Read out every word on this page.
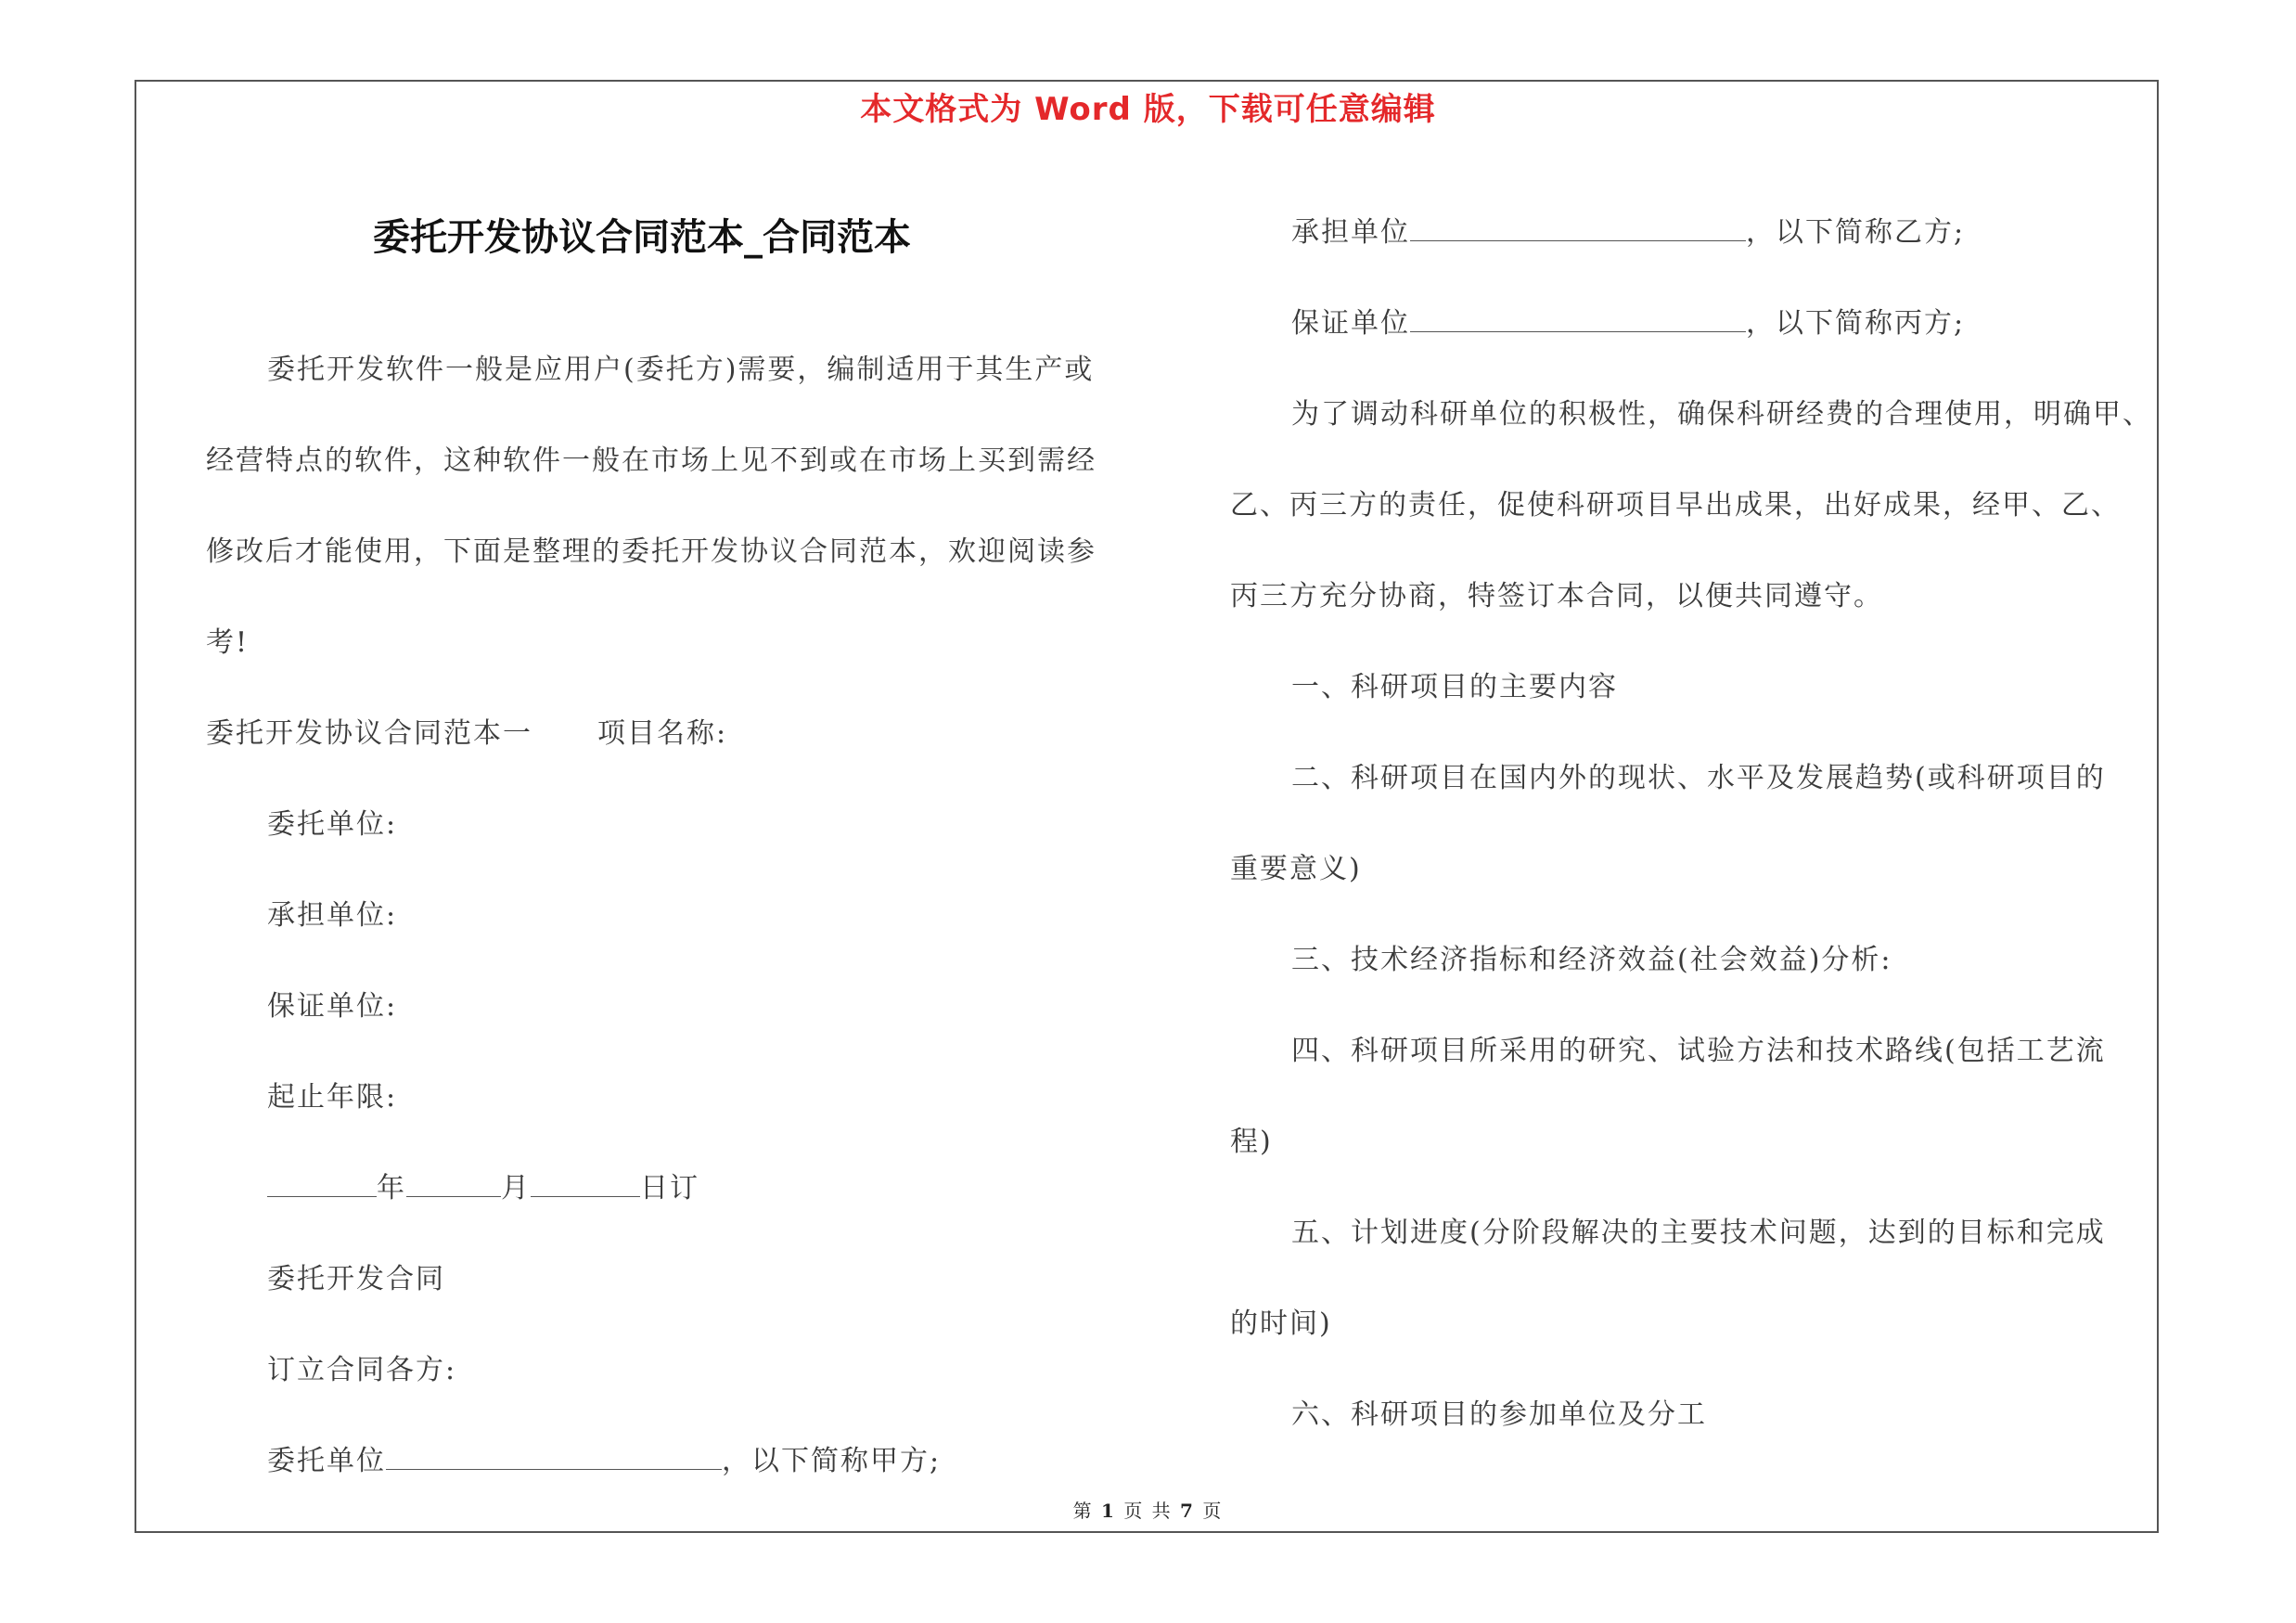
本文格式为 Word 版，下载可任意编辑
委托开发协议合同范本_合同范本

委托开发软件一般是应用户(委托方)需要，编制适用于其生产或

经营特点的软件，这种软件一般在市场上见不到或在市场上买到需经

修改后才能使用，下面是整理的委托开发协议合同范本，欢迎阅读参

考!

委托开发协议合同范本一 项目名称:

委托单位:

承担单位:

保证单位:

起止年限:

年	月	日订

委托开发合同

订立合同各方:

委托单位	，以下简称甲方;

承担单位	，以下简称乙方;

保证单位	，以下简称丙方;

为了调动科研单位的积极性，确保科研经费的合理使用，明确甲、

乙、丙三方的责任，促使科研项目早出成果，出好成果，经甲、乙、

丙三方充分协商，特签订本合同，以便共同遵守。

一、科研项目的主要内容

二、科研项目在国内外的现状、水平及发展趋势(或科研项目的

重要意义)

三、技术经济指标和经济效益(社会效益)分析:

四、科研项目所采用的研究、试验方法和技术路线(包括工艺流

程)

五、计划进度(分阶段解决的主要技术问题，达到的目标和完成

的时间)

六、科研项目的参加单位及分工

第 1 页 共 7 页
